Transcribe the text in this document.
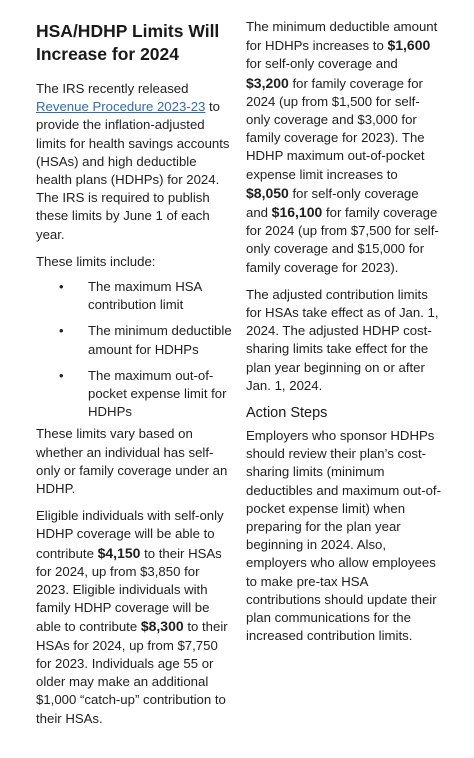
HSA/HDHP Limits Will Increase for 2024

The IRS recently released Revenue Procedure 2023-23 to provide the inflation-adjusted limits for health savings accounts (HSAs) and high deductible health plans (HDHPs) for 2024. The IRS is required to publish these limits by June 1 of each year.

These limits include:

• The maximum HSA contribution limit
• The minimum deductible amount for HDHPs
• The maximum out-of-pocket expense limit for HDHPs

These limits vary based on whether an individual has self-only or family coverage under an HDHP.

Eligible individuals with self-only HDHP coverage will be able to contribute $4,150 to their HSAs for 2024, up from $3,850 for 2023. Eligible individuals with family HDHP coverage will be able to contribute $8,300 to their HSAs for 2024, up from $7,750 for 2023. Individuals age 55 or older may make an additional $1,000 “catch-up” contribution to their HSAs.

The minimum deductible amount for HDHPs increases to $1,600 for self-only coverage and $3,200 for family coverage for 2024 (up from $1,500 for self-only coverage and $3,000 for family coverage for 2023). The HDHP maximum out-of-pocket expense limit increases to $8,050 for self-only coverage and $16,100 for family coverage for 2024 (up from $7,500 for self-only coverage and $15,000 for family coverage for 2023).

The adjusted contribution limits for HSAs take effect as of Jan. 1, 2024. The adjusted HDHP cost-sharing limits take effect for the plan year beginning on or after Jan. 1, 2024.

Action Steps

Employers who sponsor HDHPs should review their plan’s cost-sharing limits (minimum deductibles and maximum out-of-pocket expense limit) when preparing for the plan year beginning in 2024. Also, employers who allow employees to make pre-tax HSA contributions should update their plan communications for the increased contribution limits.
